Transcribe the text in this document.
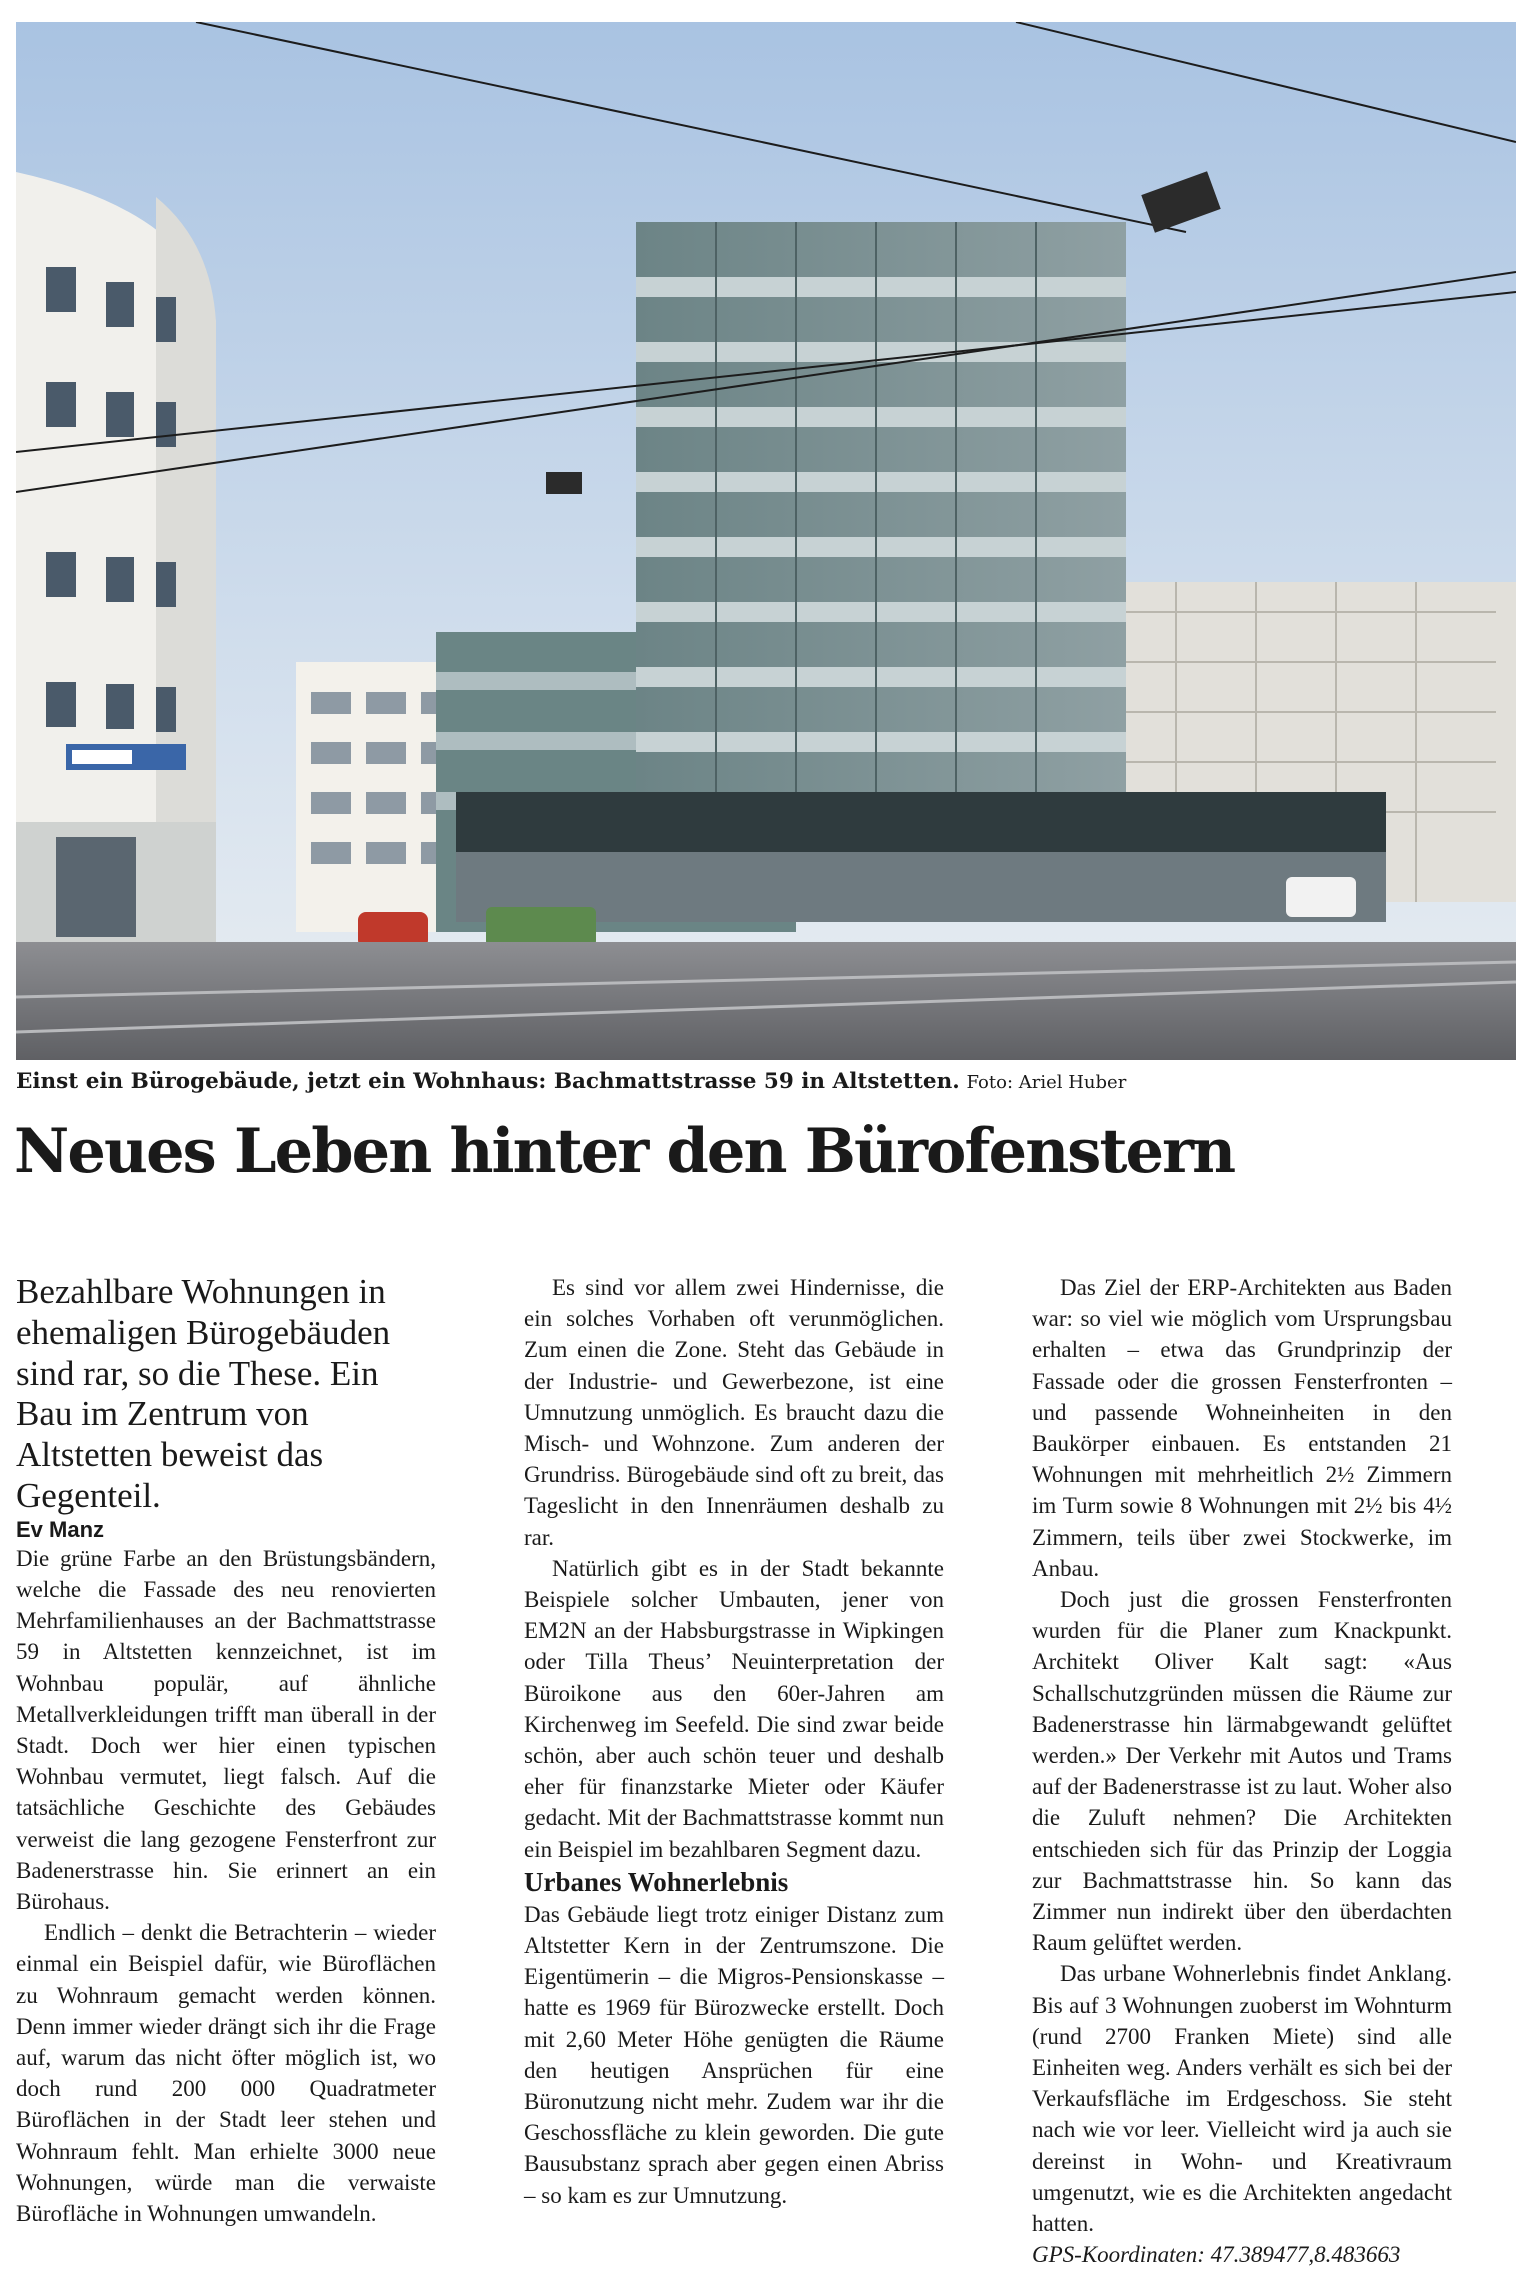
Einst ein Bürogebäude, jetzt ein Wohnhaus: Bachmattstrasse 59 in Altstetten. Foto: Ariel Huber
Neues Leben hinter den Bürofenstern

Bezahlbare Wohnungen in ehemaligen Bürogebäuden sind rar, so die These. Ein Bau im Zentrum von Altstetten beweist das Gegenteil.

Ev Manz

Die grüne Farbe an den Brüstungsbändern, welche die Fassade des neu renovierten Mehrfamilienhauses an der Bachmattstrasse 59 in Altstetten kennzeichnet, ist im Wohnbau populär, auf ähnliche Metallverkleidungen trifft man überall in der Stadt. Doch wer hier einen typischen Wohnbau vermutet, liegt falsch. Auf die tatsächliche Geschichte des Gebäudes verweist die lang gezogene Fensterfront zur Badenerstrasse hin. Sie erinnert an ein Bürohaus.

Endlich – denkt die Betrachterin – wieder einmal ein Beispiel dafür, wie Büroflächen zu Wohnraum gemacht werden können. Denn immer wieder drängt sich ihr die Frage auf, warum das nicht öfter möglich ist, wo doch rund 200 000 Quadratmeter Büroflächen in der Stadt leer stehen und Wohnraum fehlt. Man erhielte 3000 neue Wohnungen, würde man die verwaiste Bürofläche in Wohnungen umwandeln.

Es sind vor allem zwei Hindernisse, die ein solches Vorhaben oft verunmöglichen. Zum einen die Zone. Steht das Gebäude in der Industrie- und Gewerbezone, ist eine Umnutzung unmöglich. Es braucht dazu die Misch- und Wohnzone. Zum anderen der Grundriss. Bürogebäude sind oft zu breit, das Tageslicht in den Innenräumen deshalb zu rar.

Natürlich gibt es in der Stadt bekannte Beispiele solcher Umbauten, jener von EM2N an der Habsburgstrasse in Wipkingen oder Tilla Theus’ Neuinterpretation der Büroikone aus den 60er-Jahren am Kirchenweg im Seefeld. Die sind zwar beide schön, aber auch schön teuer und deshalb eher für finanzstarke Mieter oder Käufer gedacht. Mit der Bachmattstrasse kommt nun ein Beispiel im bezahlbaren Segment dazu.

Urbanes Wohnerlebnis

Das Gebäude liegt trotz einiger Distanz zum Altstetter Kern in der Zentrumszone. Die Eigentümerin – die Migros-Pensionskasse – hatte es 1969 für Bürozwecke erstellt. Doch mit 2,60 Meter Höhe genügten die Räume den heutigen Ansprüchen für eine Büronutzung nicht mehr. Zudem war ihr die Geschossfläche zu klein geworden. Die gute Bausubstanz sprach aber gegen einen Abriss – so kam es zur Umnutzung.

Das Ziel der ERP-Architekten aus Baden war: so viel wie möglich vom Ursprungsbau erhalten – etwa das Grundprinzip der Fassade oder die grossen Fensterfronten – und passende Wohneinheiten in den Baukörper einbauen. Es entstanden 21 Wohnungen mit mehrheitlich 2½ Zimmern im Turm sowie 8 Wohnungen mit 2½ bis 4½ Zimmern, teils über zwei Stockwerke, im Anbau.

Doch just die grossen Fensterfronten wurden für die Planer zum Knackpunkt. Architekt Oliver Kalt sagt: «Aus Schallschutzgründen müssen die Räume zur Badenerstrasse hin lärmabgewandt gelüftet werden.» Der Verkehr mit Autos und Trams auf der Badenerstrasse ist zu laut. Woher also die Zuluft nehmen? Die Architekten entschieden sich für das Prinzip der Loggia zur Bachmattstrasse hin. So kann das Zimmer nun indirekt über den überdachten Raum gelüftet werden.

Das urbane Wohnerlebnis findet Anklang. Bis auf 3 Wohnungen zuoberst im Wohnturm (rund 2700 Franken Miete) sind alle Einheiten weg. Anders verhält es sich bei der Verkaufsfläche im Erdgeschoss. Sie steht nach wie vor leer. Vielleicht wird ja auch sie dereinst in Wohn- und Kreativraum umgenutzt, wie es die Architekten angedacht hatten.

GPS-Koordinaten: 47.389477,8.483663
